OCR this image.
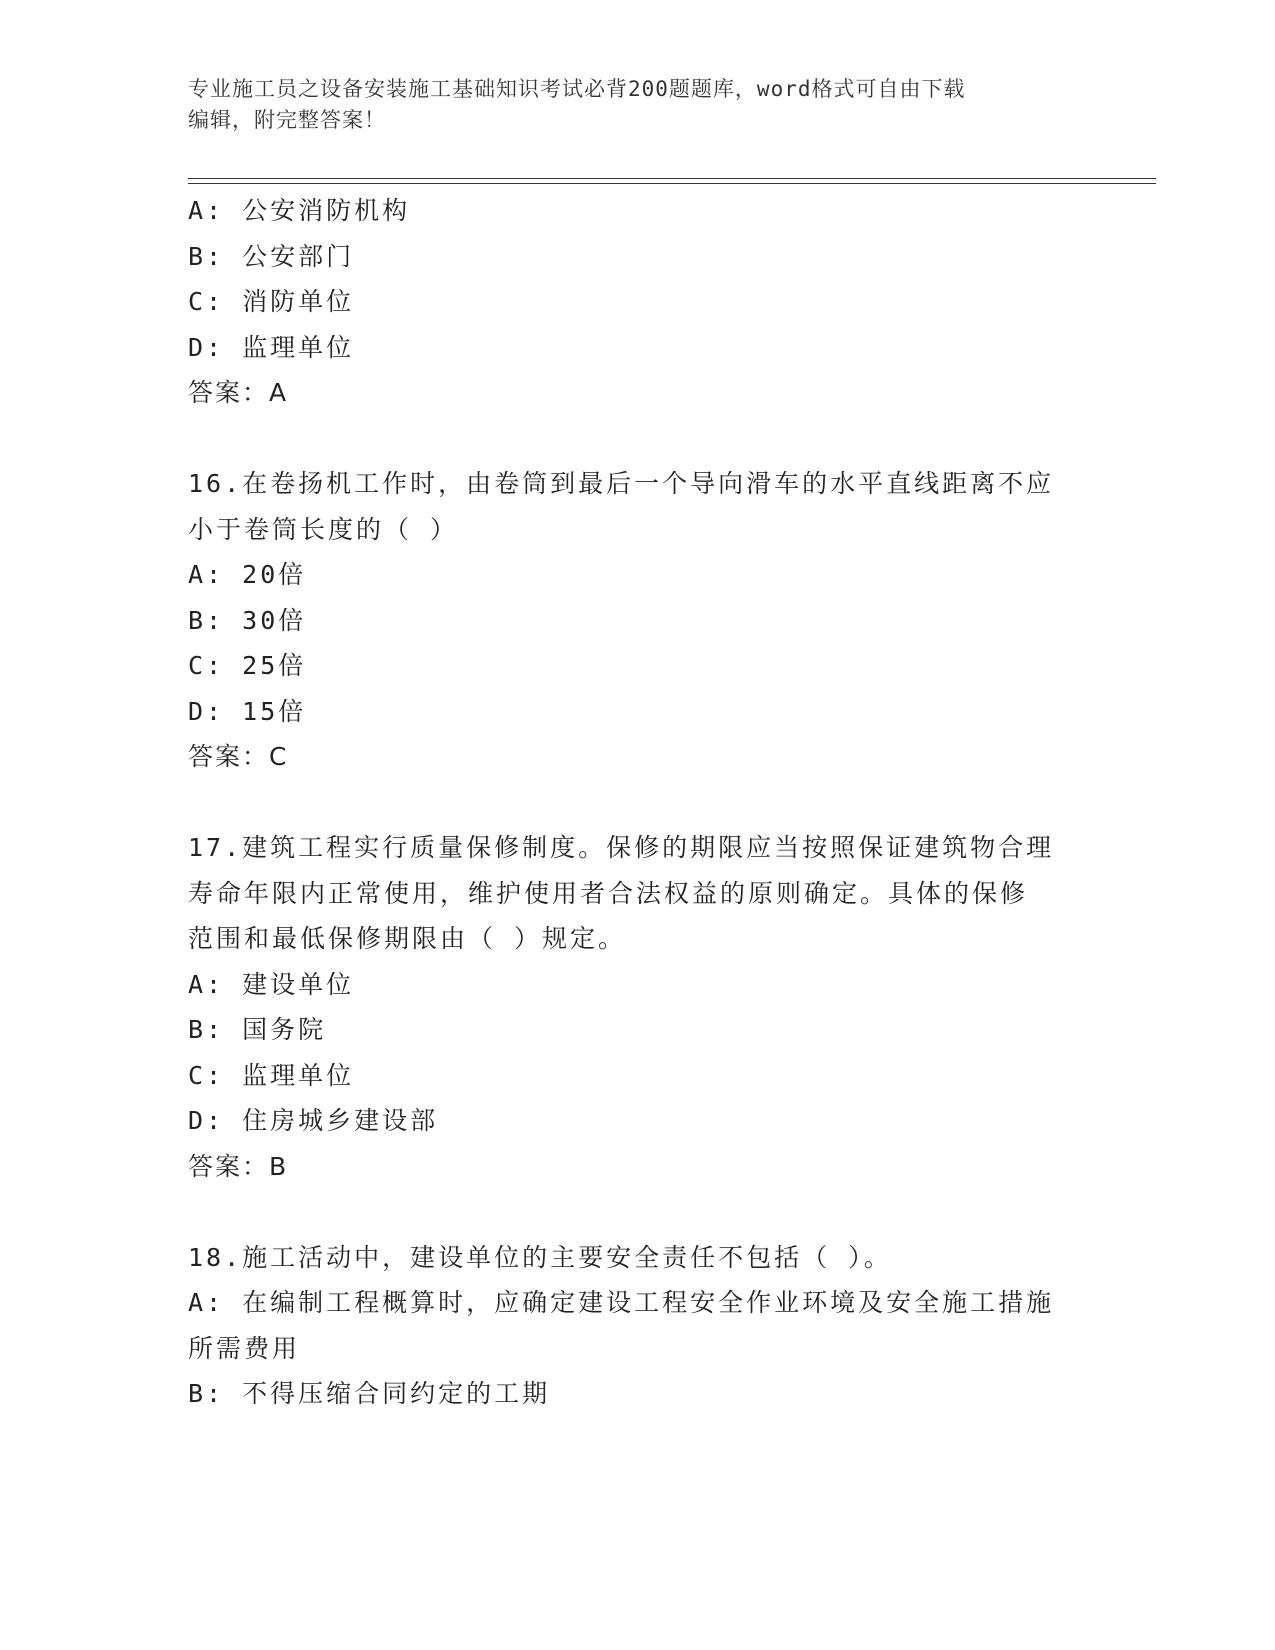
专业施工员之设备安装施工基础知识考试必背200题题库，word格式可自由下载
编辑，附完整答案！
A: 公安消防机构
B: 公安部门
C: 消防单位
D: 监理单位
答案：A
16.在卷扬机工作时，由卷筒到最后一个导向滑车的水平直线距离不应
小于卷筒长度的（ ）
A: 20倍
B: 30倍
C: 25倍
D: 15倍
答案：C
17.建筑工程实行质量保修制度。保修的期限应当按照保证建筑物合理
寿命年限内正常使用，维护使用者合法权益的原则确定。具体的保修
范围和最低保修期限由（ ）规定。
A: 建设单位
B: 国务院
C: 监理单位
D: 住房城乡建设部
答案：B
18.施工活动中，建设单位的主要安全责任不包括（ ）。
A: 在编制工程概算时，应确定建设工程安全作业环境及安全施工措施
所需费用
B: 不得压缩合同约定的工期
